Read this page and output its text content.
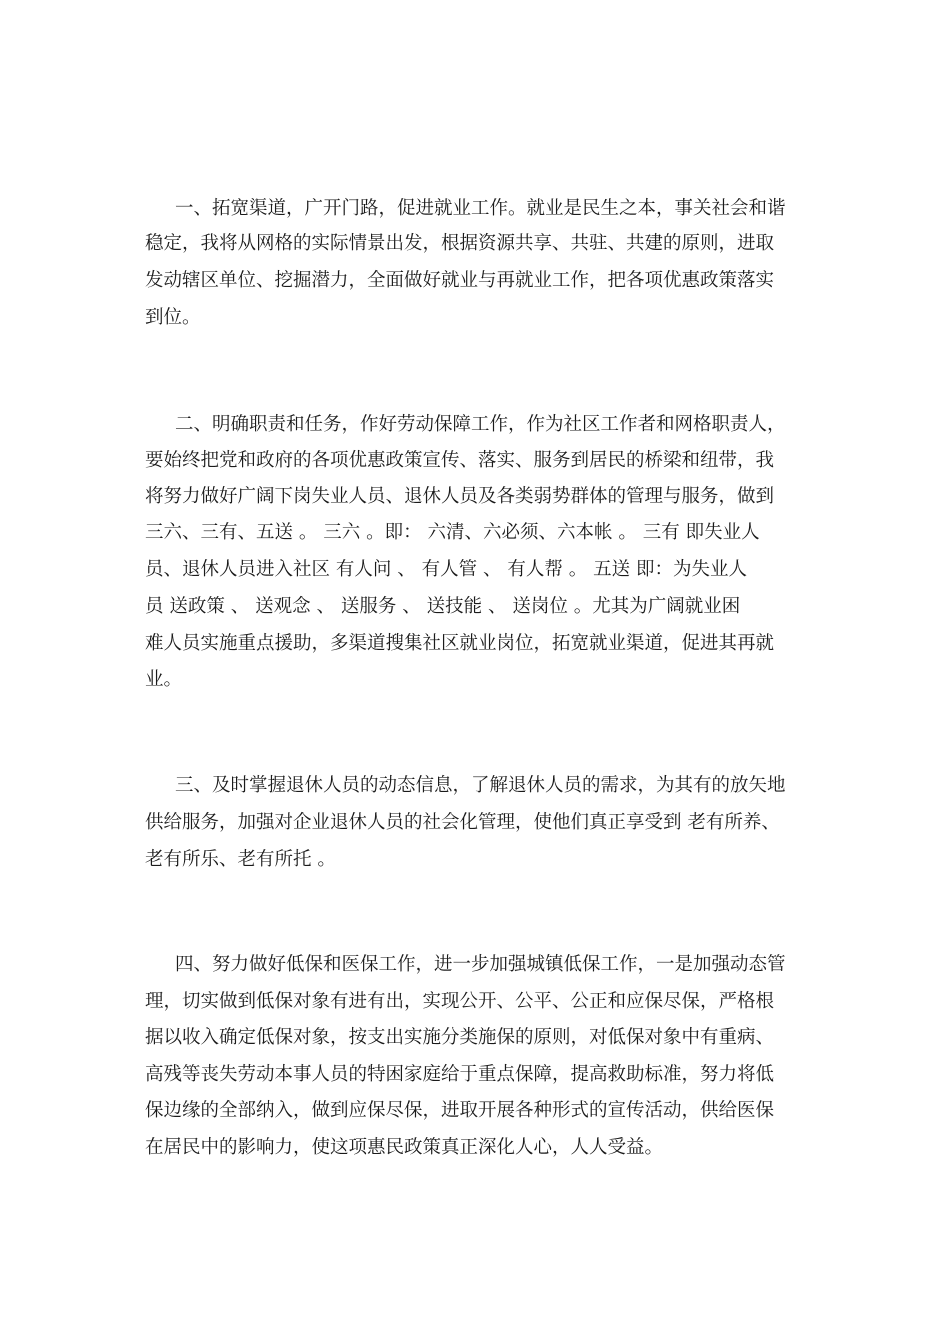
一、拓宽渠道，广开门路，促进就业工作。就业是民生之本，事关社会和谐
稳定，我将从网格的实际情景出发，根据资源共享、共驻、共建的原则，进取
发动辖区单位、挖掘潜力，全面做好就业与再就业工作，把各项优惠政策落实
到位。
二、明确职责和任务，作好劳动保障工作，作为社区工作者和网格职责人，
要始终把党和政府的各项优惠政策宣传、落实、服务到居民的桥梁和纽带，我
将努力做好广阔下岗失业人员、退休人员及各类弱势群体的管理与服务，做到
三六、三有、五送 。 三六 。即： 六清、六必须、六本帐 。 三有 即失业人
员、退休人员进入社区 有人问 、 有人管 、 有人帮 。 五送 即：为失业人
员 送政策 、 送观念 、 送服务 、 送技能 、 送岗位 。尤其为广阔就业困
难人员实施重点援助，多渠道搜集社区就业岗位，拓宽就业渠道，促进其再就
业。
三、及时掌握退休人员的动态信息，了解退休人员的需求，为其有的放矢地
供给服务，加强对企业退休人员的社会化管理，使他们真正享受到 老有所养、
老有所乐、老有所托 。
四、努力做好低保和医保工作，进一步加强城镇低保工作，一是加强动态管
理，切实做到低保对象有进有出，实现公开、公平、公正和应保尽保，严格根
据以收入确定低保对象，按支出实施分类施保的原则，对低保对象中有重病、
高残等丧失劳动本事人员的特困家庭给于重点保障，提高救助标准，努力将低
保边缘的全部纳入，做到应保尽保，进取开展各种形式的宣传活动，供给医保
在居民中的影响力，使这项惠民政策真正深化人心，人人受益。
